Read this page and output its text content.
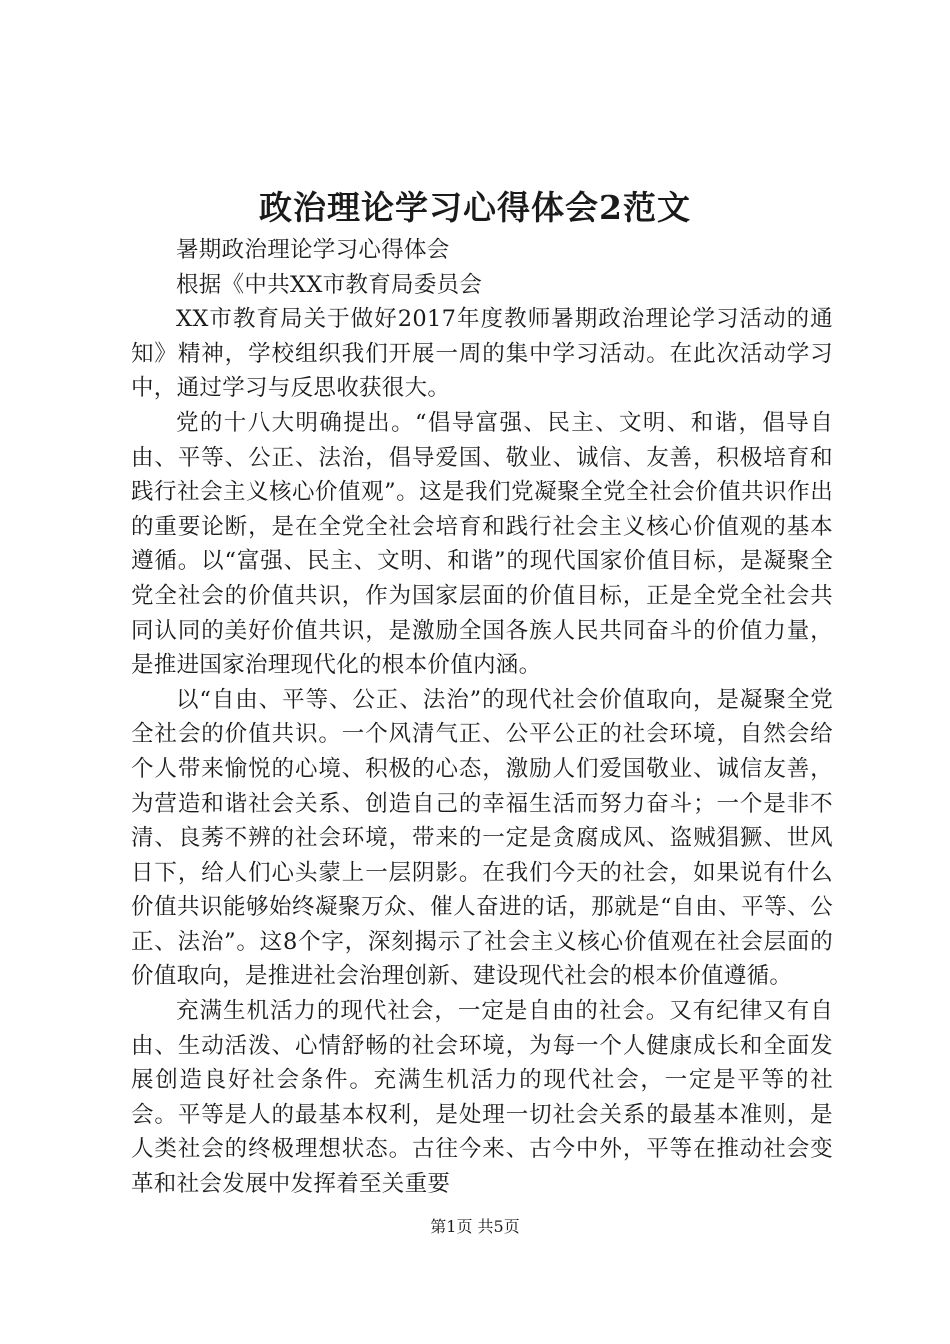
政治理论学习心得体会2范文

暑期政治理论学习心得体会

根据《中共XX市教育局委员会

XX市教育局关于做好2017年度教师暑期政治理论学习活动的通知》精神，学校组织我们开展一周的集中学习活动。在此次活动学习中，通过学习与反思收获很大。

党的十八大明确提出。“倡导富强、民主、文明、和谐，倡导自由、平等、公正、法治，倡导爱国、敬业、诚信、友善，积极培育和践行社会主义核心价值观”。这是我们党凝聚全党全社会价值共识作出的重要论断，是在全党全社会培育和践行社会主义核心价值观的基本遵循。以“富强、民主、文明、和谐”的现代国家价值目标，是凝聚全党全社会的价值共识，作为国家层面的价值目标，正是全党全社会共同认同的美好价值共识，是激励全国各族人民共同奋斗的价值力量，是推进国家治理现代化的根本价值内涵。

以“自由、平等、公正、法治”的现代社会价值取向，是凝聚全党全社会的价值共识。一个风清气正、公平公正的社会环境，自然会给个人带来愉悦的心境、积极的心态，激励人们爱国敬业、诚信友善，为营造和谐社会关系、创造自己的幸福生活而努力奋斗；一个是非不清、良莠不辨的社会环境，带来的一定是贪腐成风、盗贼猖獗、世风日下，给人们心头蒙上一层阴影。在我们今天的社会，如果说有什么价值共识能够始终凝聚万众、催人奋进的话，那就是“自由、平等、公正、法治”。这8个字，深刻揭示了社会主义核心价值观在社会层面的价值取向，是推进社会治理创新、建设现代社会的根本价值遵循。

充满生机活力的现代社会，一定是自由的社会。又有纪律又有自由、生动活泼、心情舒畅的社会环境，为每一个人健康成长和全面发展创造良好社会条件。充满生机活力的现代社会，一定是平等的社会。平等是人的最基本权利，是处理一切社会关系的最基本准则，是人类社会的终极理想状态。古往今来、古今中外，平等在推动社会变革和社会发展中发挥着至关重要

第1页 共5页
